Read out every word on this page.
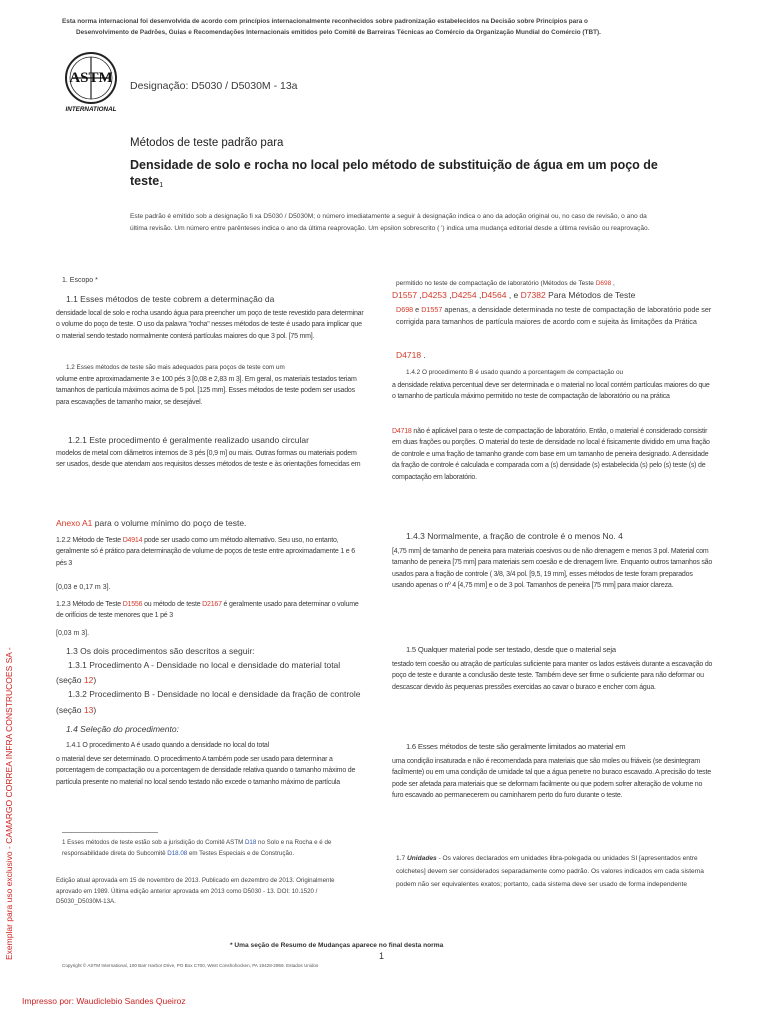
Esta norma internacional foi desenvolvida de acordo com princípios internacionalmente reconhecidos sobre padronização estabelecidos na Decisão sobre Princípios para o
Desenvolvimento de Padrões, Guias e Recomendações Internacionais emitidos pelo Comitê de Barreiras Técnicas ao Comércio da Organização Mundial do Comércio (TBT).
ASTM
INTERNATIONAL
Designação: D5030 / D5030M - 13a
Métodos de teste padrão para
Densidade de solo e rocha no local pelo método de substituição de água em um poço de teste$^1$
Este padrão é emitido sob a designação fi xa D5030 / D5030M; o número imediatamente a seguir à designação indica o ano da adoção original ou, no caso de revisão, o ano da última revisão. Um número entre parênteses indica o ano da última reaprovação. Um epsilon sobrescrito ( ') indica uma mudança editorial desde a última revisão ou reaprovação.
1. Escopo *
1.1 Esses métodos de teste cobrem a determinação da
densidade local de solo e rocha usando água para preencher um poço de teste revestido para determinar o volume do poço de teste. O uso da palavra "rocha" nesses métodos de teste é usado para implicar que o material sendo testado normalmente conterá partículas maiores do que 3 pol. [75 mm].
1.2 Esses métodos de teste são mais adequados para poços de teste com um
volume entre aproximadamente 3 e 100 pés 3 [0,08 e 2,83 m 3]. Em geral, os materiais testados teriam tamanhos de partícula máximos acima de 5 pol. [125 mm]. Esses métodos de teste podem ser usados para escavações de tamanho maior, se desejável.
1.2.1 Este procedimento é geralmente realizado usando circular
modelos de metal com diâmetros internos de 3 pés [0,9 m] ou mais. Outras formas ou materiais podem ser usados, desde que atendam aos requisitos desses métodos de teste e às orientações fornecidas em
Anexo A1 para o volume mínimo do poço de teste.
1.2.2 Método de Teste D4914 pode ser usado como um método alternativo. Seu uso, no entanto, geralmente só é prático para determinação de volume de poços de teste entre aproximadamente 1 e 6 pés 3
[0,03 e 0,17 m 3].
1.2.3 Método de Teste D1556 ou método de teste D2167 é geralmente usado para determinar o volume de orifícios de teste menores que 1 pé 3
[0,03 m 3].
1.3 Os dois procedimentos são descritos a seguir:
1.3.1 Procedimento A - Densidade no local e densidade do material total
(seção 12)
1.3.2 Procedimento B - Densidade no local e densidade da fração de controle
(seção 13)
1.4 Seleção do procedimento:
1.4.1 O procedimento A é usado quando a densidade no local do total
o material deve ser determinado. O procedimento A também pode ser usado para determinar a porcentagem de compactação ou a porcentagem de densidade relativa quando o tamanho máximo de partícula presente no material no local sendo testado não excede o tamanho máximo de partícula
1 Esses métodos de teste estão sob a jurisdição do Comitê ASTM D18 no Solo e na Rocha e é de responsabilidade direta do Subcomitê D18.08 em Testes Especiais e de Construção.
Edição atual aprovada em 15 de novembro de 2013. Publicado em dezembro de 2013. Originalmente aprovado em 1989. Última edição anterior aprovada em 2013 como D5030 - 13. DOI: 10.1520 / D5030_D5030M-13A.
permitido no teste de compactação de laboratório (Métodos de Teste D698 ,
D1557 ,D4253 ,D4254 ,D4564 , e D7382 Para Métodos de Teste
D698 e D1557 apenas, a densidade determinada no teste de compactação de laboratório pode ser corrigida para tamanhos de partícula maiores de acordo com e sujeita às limitações da Prática
D4718 .
1.4.2 O procedimento B é usado quando a porcentagem de compactação ou
a densidade relativa percentual deve ser determinada e o material no local contém partículas maiores do que o tamanho de partícula máximo permitido no teste de compactação de laboratório ou na prática
D4718 não é aplicável para o teste de compactação de laboratório. Então, o material é considerado consistir em duas frações ou porções. O material do teste de densidade no local é fisicamente dividido em uma fração de controle e uma fração de tamanho grande com base em um tamanho de peneira designado. A densidade da fração de controle é calculada e comparada com a (s) densidade (s) estabelecida (s) pelo (s) teste (s) de compactação em laboratório.
1.4.3 Normalmente, a fração de controle é o menos No. 4
[4,75 mm] de tamanho de peneira para materiais coesivos ou de não drenagem e menos 3 pol. Material com tamanho de peneira [75 mm] para materiais sem coesão e de drenagem livre. Enquanto outros tamanhos são usados para a fração de controle ( 3/8, 3/4 pol. [9,5, 19 mm], esses métodos de teste foram preparados usando apenas o nº 4 [4,75 mm] e o de 3 pol. Tamanhos de peneira [75 mm] para maior clareza.
1.5 Qualquer material pode ser testado, desde que o material seja
testado tem coesão ou atração de partículas suficiente para manter os lados estáveis durante a escavação do poço de teste e durante a conclusão deste teste. Também deve ser firme o suficiente para não deformar ou descascar devido às pequenas pressões exercidas ao cavar o buraco e encher com água.
1.6 Esses métodos de teste são geralmente limitados ao material em
uma condição insaturada e não é recomendada para materiais que são moles ou friáveis (se desintegram facilmente) ou em uma condição de umidade tal que a água penetre no buraco escavado. A precisão do teste pode ser afetada para materiais que se deformam facilmente ou que podem sofrer alteração de volume no furo escavado ao permanecerem ou caminharem perto do furo durante o teste.
1.7 Unidades - Os valores declarados em unidades libra-polegada ou unidades SI [apresentados entre colchetes] devem ser considerados separadamente como padrão. Os valores indicados em cada sistema podem não ser equivalentes exatos; portanto, cada sistema deve ser usado de forma independente
* Uma seção de Resumo de Mudanças aparece no final desta norma
1
Copyright © ASTM International, 100 Barr Harbor Drive, PO Box C700, West Conshohocken, PA 19428-2959. Estados Unidos
Exemplar para uso exclusivo - CAMARGO CORREA INFRA CONSTRUCOES SA -
Impresso por: Waudiclebio Sandes Queiroz
